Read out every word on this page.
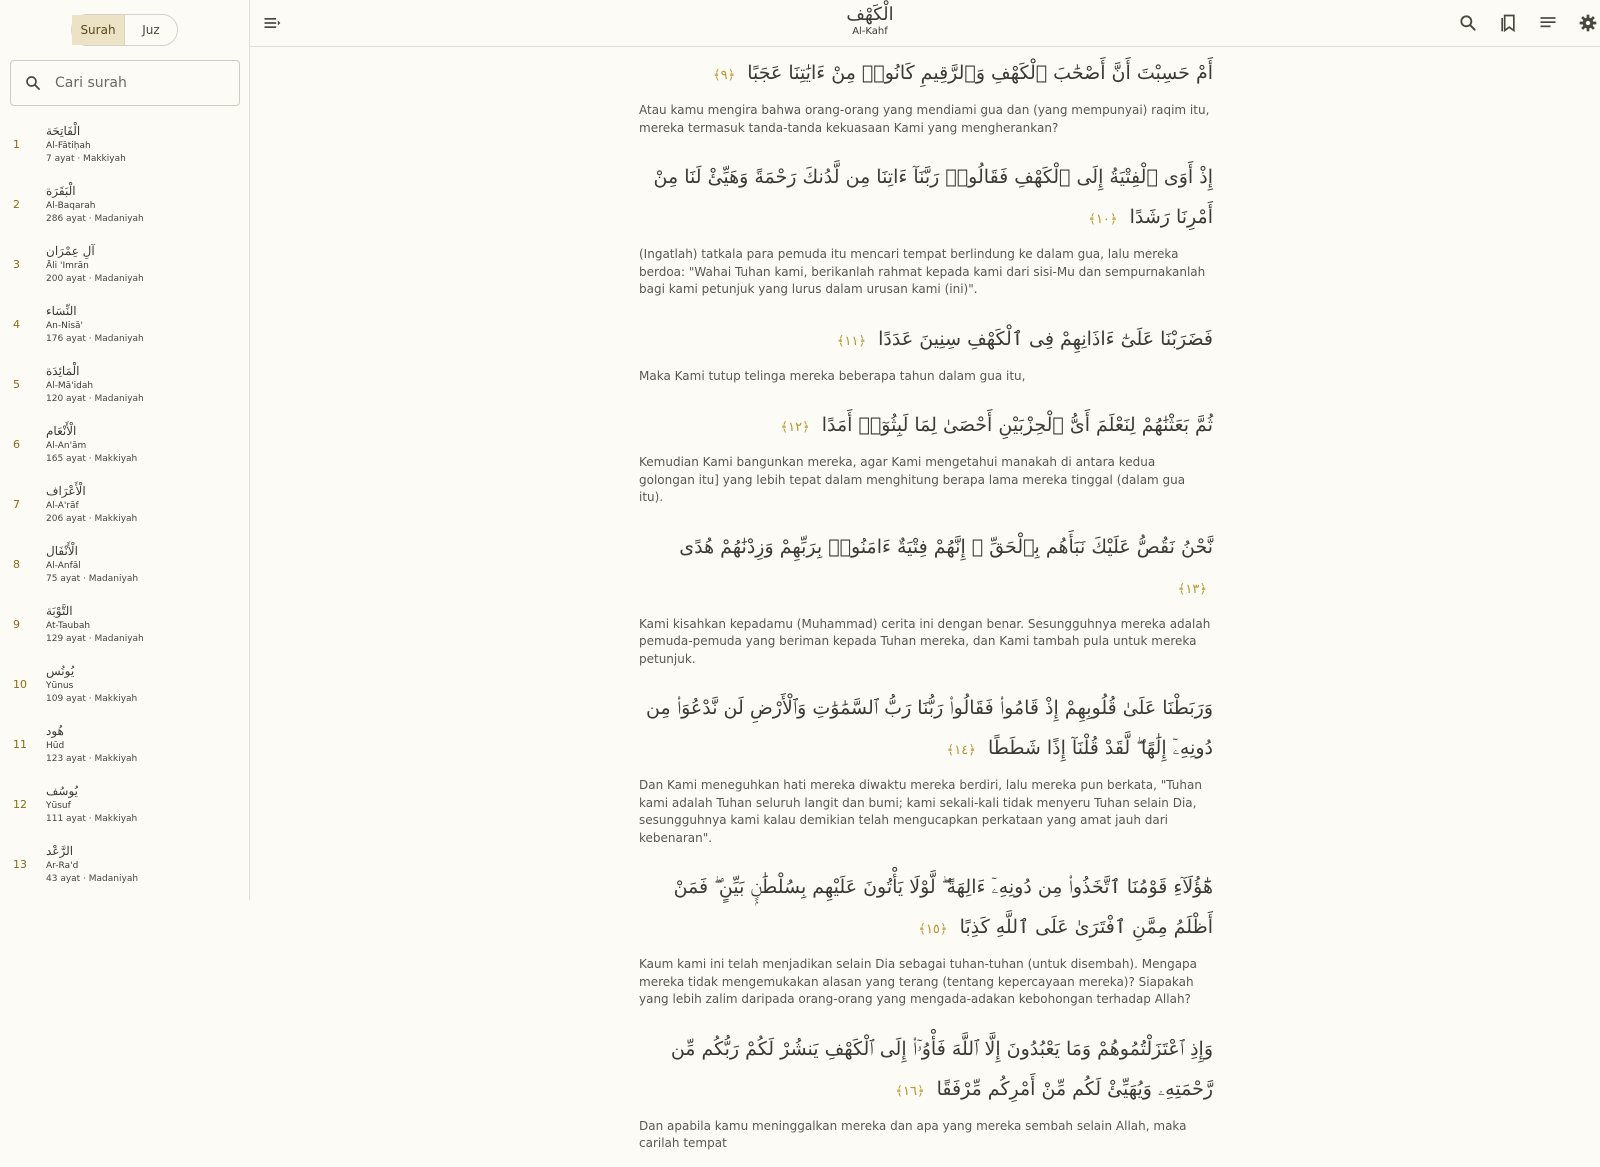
Surah	Juz
Cari surah
1
الْفَاتِحَة
Al-Fātiḥah
7 ayat · Makkiyah
2
الْبَقَرَة
Al-Baqarah
286 ayat · Madaniyah
3
آلِ عِمْرَان
Āli 'Imrān
200 ayat · Madaniyah
4
النِّسَاء
An-Nisā'
176 ayat · Madaniyah
5
الْمَائِدَة
Al-Mā'idah
120 ayat · Madaniyah
6
الْأَنْعَام
Al-An'ām
165 ayat · Makkiyah
7
الْأَعْرَاف
Al-A'rāf
206 ayat · Makkiyah
8
الْأَنْفَال
Al-Anfāl
75 ayat · Madaniyah
9
التَّوْبَة
At-Taubah
129 ayat · Madaniyah
10
يُونُس
Yūnus
109 ayat · Makkiyah
11
هُود
Hūd
123 ayat · Makkiyah
12
يُوسُف
Yūsuf
111 ayat · Makkiyah
13
الرَّعْد
Ar-Ra'd
43 ayat · Madaniyah
الْكَهْف
Al-Kahf
أَمْ حَسِبْتَ أَنَّ أَصْحَٰبَ ٱلْكَهْفِ وَٱلرَّقِيمِ كَانُوا۟ مِنْ ءَايَٰتِنَا عَجَبًا ﴿٩﴾
Atau kamu mengira bahwa orang-orang yang mendiami gua dan (yang mempunyai) raqim itu, mereka termasuk tanda-tanda kekuasaan Kami yang mengherankan?
إِذْ أَوَى ٱلْفِتْيَةُ إِلَى ٱلْكَهْفِ فَقَالُوا۟ رَبَّنَآ ءَاتِنَا مِن لَّدُنكَ رَحْمَةً وَهَيِّئْ لَنَا مِنْ أَمْرِنَا رَشَدًا ﴿١٠﴾
(Ingatlah) tatkala para pemuda itu mencari tempat berlindung ke dalam gua, lalu mereka berdoa: "Wahai Tuhan kami, berikanlah rahmat kepada kami dari sisi-Mu dan sempurnakanlah bagi kami petunjuk yang lurus dalam urusan kami (ini)".
فَضَرَبْنَا عَلَىٰٓ ءَاذَانِهِمْ فِى ٱلْكَهْفِ سِنِينَ عَدَدًا ﴿١١﴾
Maka Kami tutup telinga mereka beberapa tahun dalam gua itu,
ثُمَّ بَعَثْنَٰهُمْ لِنَعْلَمَ أَىُّ ٱلْحِزْبَيْنِ أَحْصَىٰ لِمَا لَبِثُوٓا۟ أَمَدًا ﴿١٢﴾
Kemudian Kami bangunkan mereka, agar Kami mengetahui manakah di antara kedua golongan itu] yang lebih tepat dalam menghitung berapa lama mereka tinggal (dalam gua itu).
نَّحْنُ نَقُصُّ عَلَيْكَ نَبَأَهُم بِٱلْحَقِّ ۚ إِنَّهُمْ فِتْيَةٌ ءَامَنُوا۟ بِرَبِّهِمْ وَزِدْنَٰهُمْ هُدًى ﴿١٣﴾
Kami kisahkan kepadamu (Muhammad) cerita ini dengan benar. Sesungguhnya mereka adalah pemuda-pemuda yang beriman kepada Tuhan mereka, dan Kami tambah pula untuk mereka petunjuk.
وَرَبَطْنَا عَلَىٰ قُلُوبِهِمْ إِذْ قَامُوا۟ فَقَالُوا۟ رَبُّنَا رَبُّ ٱلسَّمَٰوَٰتِ وَٱلْأَرْضِ لَن نَّدْعُوَا۟ مِن دُونِهِۦٓ إِلَٰهًا ۖ لَّقَدْ قُلْنَآ إِذًا شَطَطًا ﴿١٤﴾
Dan Kami meneguhkan hati mereka diwaktu mereka berdiri, lalu mereka pun berkata, "Tuhan kami adalah Tuhan seluruh langit dan bumi; kami sekali-kali tidak menyeru Tuhan selain Dia, sesungguhnya kami kalau demikian telah mengucapkan perkataan yang amat jauh dari kebenaran".
هَٰٓؤُلَآءِ قَوْمُنَا ٱتَّخَذُوا۟ مِن دُونِهِۦٓ ءَالِهَةً ۖ لَّوْلَا يَأْتُونَ عَلَيْهِم بِسُلْطَٰنٍۭ بَيِّنٍ ۖ فَمَنْ أَظْلَمُ مِمَّنِ ٱفْتَرَىٰ عَلَى ٱللَّهِ كَذِبًا ﴿١٥﴾
Kaum kami ini telah menjadikan selain Dia sebagai tuhan-tuhan (untuk disembah). Mengapa mereka tidak mengemukakan alasan yang terang (tentang kepercayaan mereka)? Siapakah yang lebih zalim daripada orang-orang yang mengada-adakan kebohongan terhadap Allah?
وَإِذِ ٱعْتَزَلْتُمُوهُمْ وَمَا يَعْبُدُونَ إِلَّا ٱللَّهَ فَأْوُۥٓا۟ إِلَى ٱلْكَهْفِ يَنشُرْ لَكُمْ رَبُّكُم مِّن رَّحْمَتِهِۦ وَيُهَيِّئْ لَكُم مِّنْ أَمْرِكُم مِّرْفَقًا ﴿١٦﴾
Dan apabila kamu meninggalkan mereka dan apa yang mereka sembah selain Allah, maka carilah tempat
